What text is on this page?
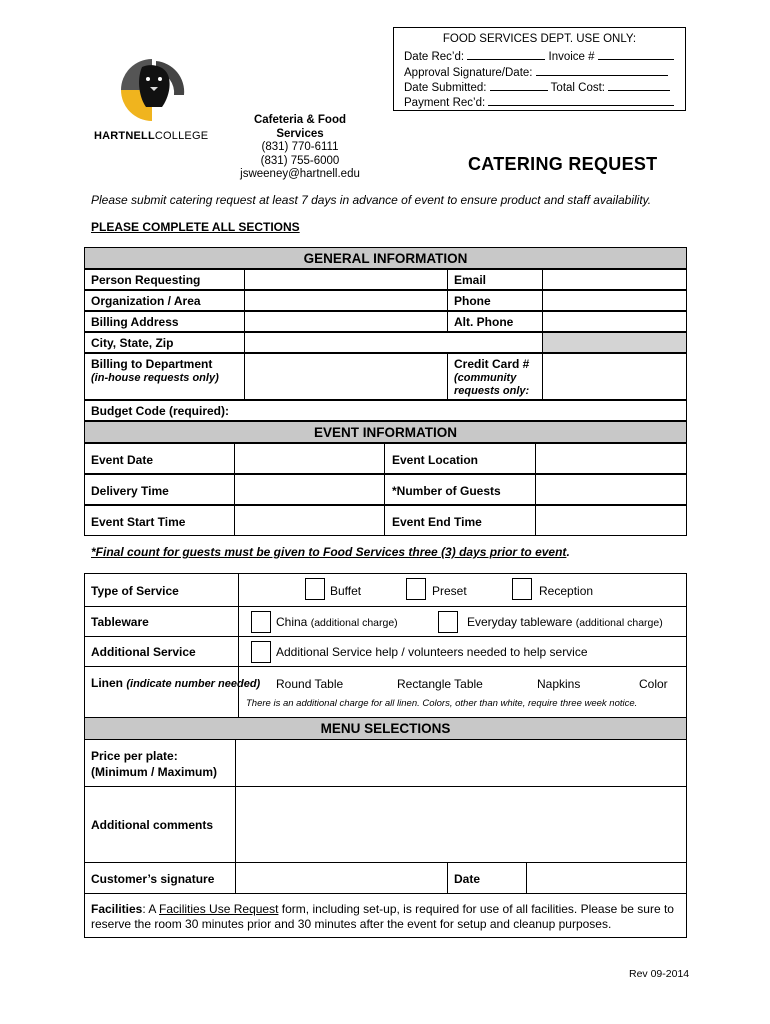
FOOD SERVICES DEPT. USE ONLY:
Date Rec’d:	Invoice #
Approval Signature/Date:
Date Submitted:	Total Cost:
Payment Rec’d:
HARTNELLCOLLEGE
Cafeteria & Food Services
(831) 770-6111
(831) 755-6000
jsweeney@hartnell.edu	CATERING REQUEST
Please submit catering request at least 7 days in advance of event to ensure product and staff availability.
PLEASE COMPLETE ALL SECTIONS
GENERAL INFORMATION
Person Requesting	Email
Organization / Area	Phone
Billing Address	Alt. Phone
City, State, Zip
Billing to Department
(in-house requests only)
Credit Card #
(community requests only:
Budget Code (required):
EVENT INFORMATION
Event Date	Event Location
Delivery Time	*Number of Guests
Event Start Time	Event End Time
*Final count for guests must be given to Food Services three (3) days prior to event.
Type of Service	Buffet	Preset	Reception
Tableware	China (additional charge)	Everyday tableware (additional charge)
Additional Service	Additional Service help / volunteers needed to help service
Linen (indicate number needed) Round Table	Rectangle Table	Napkins	Color
There is an additional charge for all linen. Colors, other than white, require three week notice.
MENU SELECTIONS
Price per plate:
(Minimum / Maximum)
Additional comments
Customer’s signature	Date
Facilities: A Facilities Use Request form, including set-up, is required for use of all facilities. Please be sure to reserve the room 30 minutes prior and 30 minutes after the event for setup and cleanup purposes.
Rev 09-2014
